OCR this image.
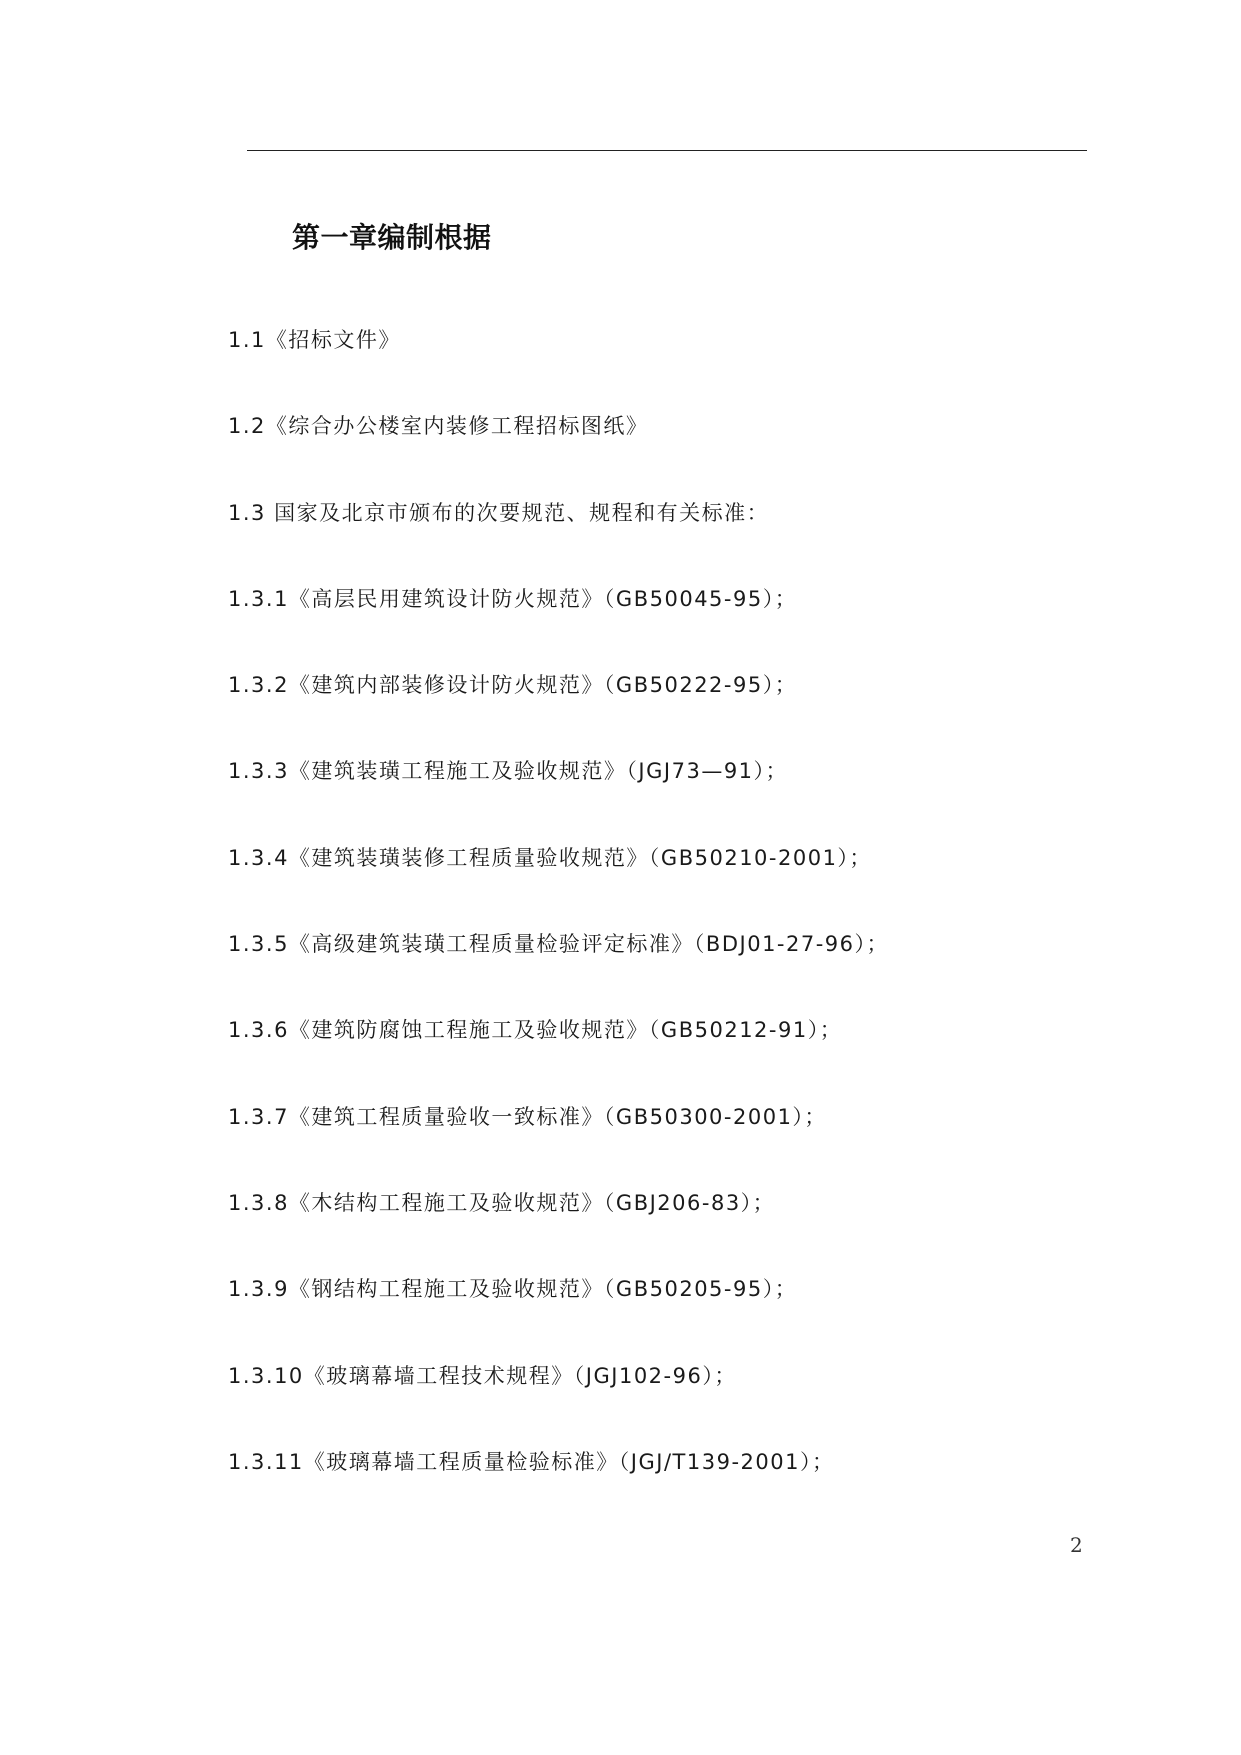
第一章编制根据
1.1《招标文件》
1.2《综合办公楼室内装修工程招标图纸》
1.3 国家及北京市颁布的次要规范、规程和有关标准：
1.3.1《高层民用建筑设计防火规范》（GB50045-95）；
1.3.2《建筑内部装修设计防火规范》（GB50222-95）；
1.3.3《建筑装璜工程施工及验收规范》（JGJ73—91）；
1.3.4《建筑装璜装修工程质量验收规范》（GB50210-2001）；
1.3.5《高级建筑装璜工程质量检验评定标准》（BDJ01-27-96）；
1.3.6《建筑防腐蚀工程施工及验收规范》（GB50212-91）；
1.3.7《建筑工程质量验收一致标准》（GB50300-2001）；
1.3.8《木结构工程施工及验收规范》（GBJ206-83）；
1.3.9《钢结构工程施工及验收规范》（GB50205-95）；
1.3.10《玻璃幕墙工程技术规程》（JGJ102-96）；
1.3.11《玻璃幕墙工程质量检验标准》（JGJ/T139-2001）；
2
